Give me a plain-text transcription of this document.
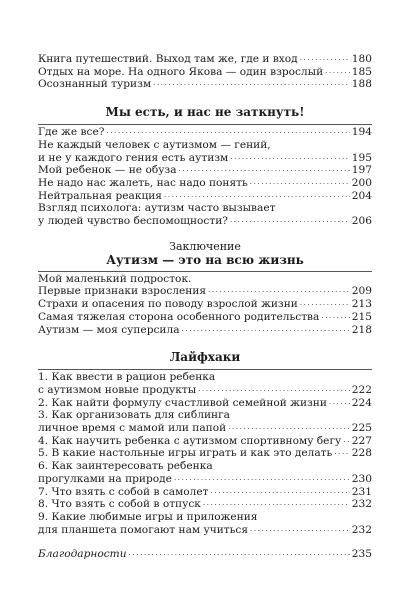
Книга путешествий. Выход там же, где и вход . . .	180
Отдых на море. На одного Якова — один взрослый . . .	185
Осознанный туризм . . .	188
Мы есть, и нас не заткнуть!
Где же все? . . .	194
Не каждый человек с аутизмом — гений,
и не у каждого гения есть аутизм . . .	195
Мой ребенок — не обуза . . .	197
Не надо нас жалеть, нас надо понять . . .	200
Нейтральная реакция . . .	204
Взгляд психолога: аутизм часто вызывает
у людей чувство беспомощности? . . .	206
Заключение
Аутизм — это на всю жизнь
Мой маленький подросток.
Первые признаки взросления . . .	209
Страхи и опасения по поводу взрослой жизни . . .	213
Самая тяжелая сторона особенного родительства . . .	215
Аутизм — моя суперсила . . .	218
Лайфхаки
1. Как ввести в рацион ребенка
с аутизмом новые продукты . . .	222
2. Как найти формулу счастливой семейной жизни . . . 224
3. Как организовать для сиблинга
личное время с мамой или папой . . .	225
4. Как научить ребенка с аутизмом спортивному бегу . . . 227
5. В какие настольные игры играть и как это делать . . . 228
6. Как заинтересовать ребенка
прогулками на природе . . .	230
7. Что взять с собой в самолет . . .	231
8. Что взять с собой в отпуск . . .	232
9. Какие любимые игры и приложения
для планшета помогают нам учиться . . .	232
Благодарности . . .	235
